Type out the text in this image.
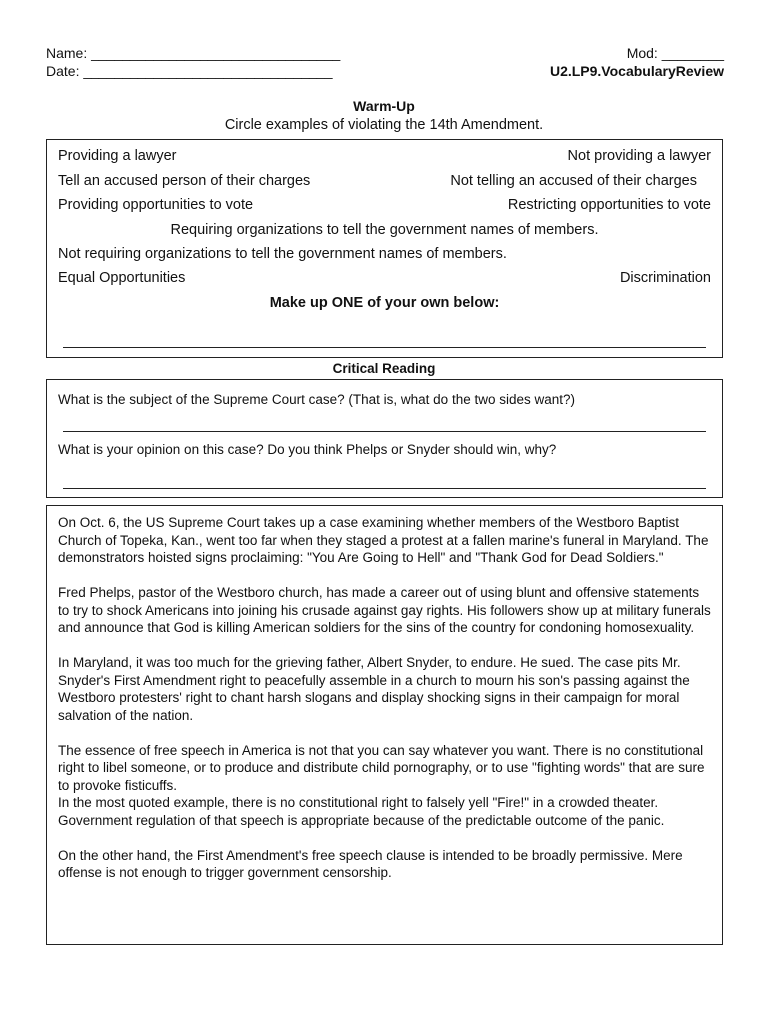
Name: ________________________________	Mod: ________
Date: ________________________________	U2.LP9.VocabularyReview
Warm-Up
Circle examples of violating the 14th Amendment.
Providing a lawyer	Not providing a lawyer
Tell an accused person of their charges	Not telling an accused of their charges
Providing opportunities to vote	Restricting opportunities to vote
Requiring organizations to tell the government names of members.
Not requiring organizations to tell the government names of members.
Equal Opportunities	Discrimination
Make up ONE of your own below:
Critical Reading
What is the subject of the Supreme Court case? (That is, what do the two sides want?)
What is your opinion on this case? Do you think Phelps or Snyder should win, why?

On Oct. 6, the US Supreme Court takes up a case examining whether members of the Westboro Baptist Church of Topeka, Kan., went too far when they staged a protest at a fallen marine's funeral in Maryland. The demonstrators hoisted signs proclaiming: "You Are Going to Hell" and "Thank God for Dead Soldiers."

Fred Phelps, pastor of the Westboro church, has made a career out of using blunt and offensive statements to try to shock Americans into joining his crusade against gay rights. His followers show up at military funerals and announce that God is killing American soldiers for the sins of the country for condoning homosexuality.

In Maryland, it was too much for the grieving father, Albert Snyder, to endure. He sued. The case pits Mr. Snyder's First Amendment right to peacefully assemble in a church to mourn his son's passing against the Westboro protesters' right to chant harsh slogans and display shocking signs in their campaign for moral salvation of the nation.

The essence of free speech in America is not that you can say whatever you want. There is no constitutional right to libel someone, or to produce and distribute child pornography, or to use "fighting words" that are sure to provoke fisticuffs.

In the most quoted example, there is no constitutional right to falsely yell "Fire!" in a crowded theater. Government regulation of that speech is appropriate because of the predictable outcome of the panic.

On the other hand, the First Amendment's free speech clause is intended to be broadly permissive. Mere offense is not enough to trigger government censorship.
